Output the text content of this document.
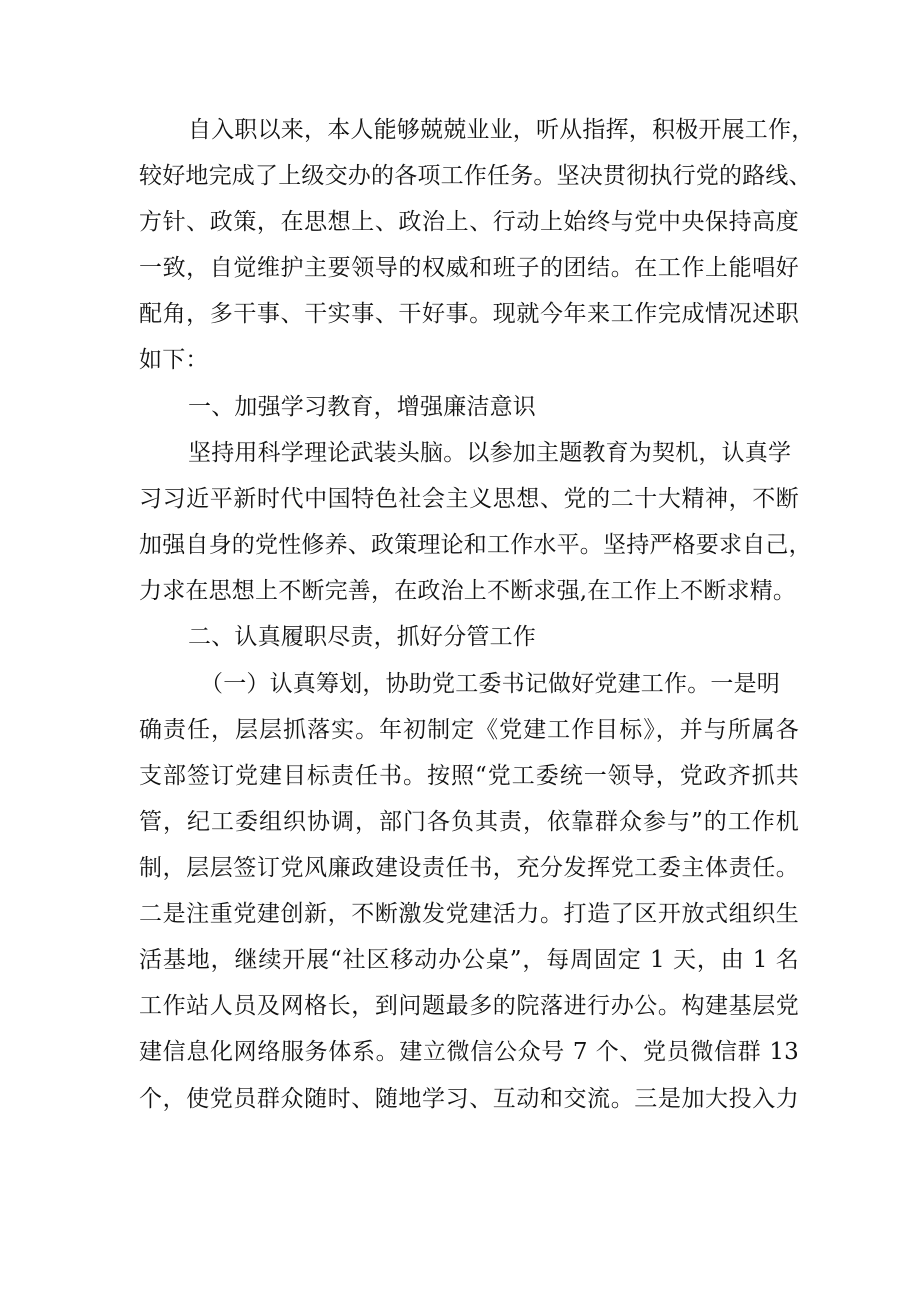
自入职以来，本人能够兢兢业业，听从指挥，积极开展工作，
较好地完成了上级交办的各项工作任务。坚决贯彻执行党的路线、
方针、政策，在思想上、政治上、行动上始终与党中央保持高度
一致，自觉维护主要领导的权威和班子的团结。在工作上能唱好
配角，多干事、干实事、干好事。现就今年来工作完成情况述职
如下：
一、加强学习教育，增强廉洁意识
坚持用科学理论武装头脑。以参加主题教育为契机，认真学
习习近平新时代中国特色社会主义思想、党的二十大精神，不断
加强自身的党性修养、政策理论和工作水平。坚持严格要求自己，
力求在思想上不断完善，在政治上不断求强,在工作上不断求精。
二、认真履职尽责，抓好分管工作
（一）认真筹划，协助党工委书记做好党建工作。一是明
确责任，层层抓落实。年初制定《党建工作目标》，并与所属各
支部签订党建目标责任书。按照“党工委统一领导，党政齐抓共
管，纪工委组织协调，部门各负其责，依靠群众参与”的工作机
制，层层签订党风廉政建设责任书，充分发挥党工委主体责任。
二是注重党建创新，不断激发党建活力。打造了区开放式组织生
活基地，继续开展“社区移动办公桌”，每周固定 1 天，由 1 名
工作站人员及网格长，到问题最多的院落进行办公。构建基层党
建信息化网络服务体系。建立微信公众号 7 个、党员微信群 13
个，使党员群众随时、随地学习、互动和交流。三是加大投入力
